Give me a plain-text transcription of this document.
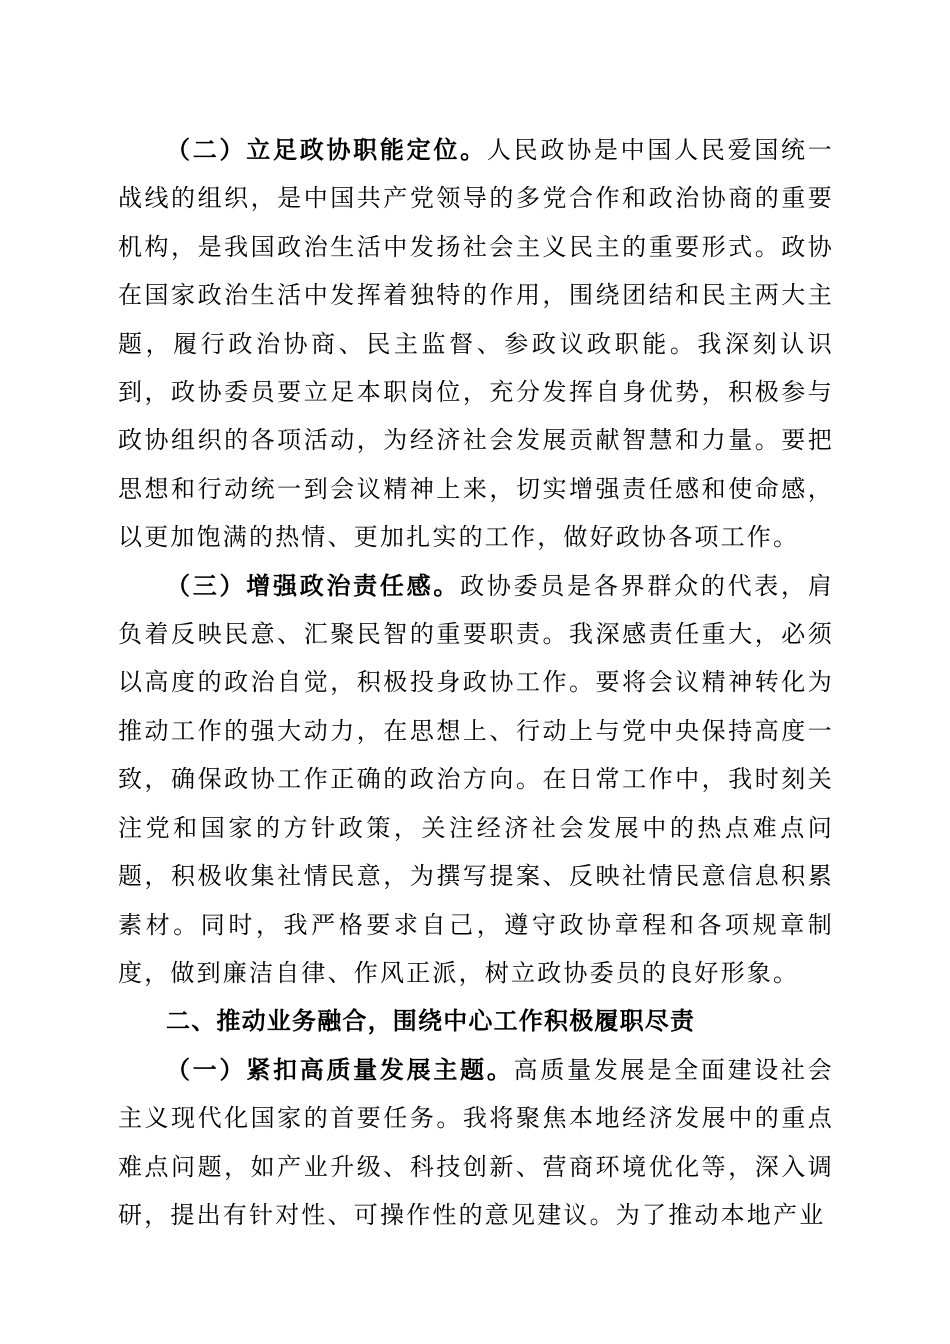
（二）立足政协职能定位。人民政协是中国人民爱国统一战线的组织，是中国共产党领导的多党合作和政治协商的重要机构，是我国政治生活中发扬社会主义民主的重要形式。政协在国家政治生活中发挥着独特的作用，围绕团结和民主两大主题，履行政治协商、民主监督、参政议政职能。我深刻认识到，政协委员要立足本职岗位，充分发挥自身优势，积极参与政协组织的各项活动，为经济社会发展贡献智慧和力量。要把思想和行动统一到会议精神上来，切实增强责任感和使命感，以更加饱满的热情、更加扎实的工作，做好政协各项工作。

（三）增强政治责任感。政协委员是各界群众的代表，肩负着反映民意、汇聚民智的重要职责。我深感责任重大，必须以高度的政治自觉，积极投身政协工作。要将会议精神转化为推动工作的强大动力，在思想上、行动上与党中央保持高度一致，确保政协工作正确的政治方向。在日常工作中，我时刻关注党和国家的方针政策，关注经济社会发展中的热点难点问题，积极收集社情民意，为撰写提案、反映社情民意信息积累素材。同时，我严格要求自己，遵守政协章程和各项规章制度，做到廉洁自律、作风正派，树立政协委员的良好形象。

二、推动业务融合，围绕中心工作积极履职尽责

（一）紧扣高质量发展主题。高质量发展是全面建设社会主义现代化国家的首要任务。我将聚焦本地经济发展中的重点难点问题，如产业升级、科技创新、营商环境优化等，深入调研，提出有针对性、可操作性的意见建议。为了推动本地产业
